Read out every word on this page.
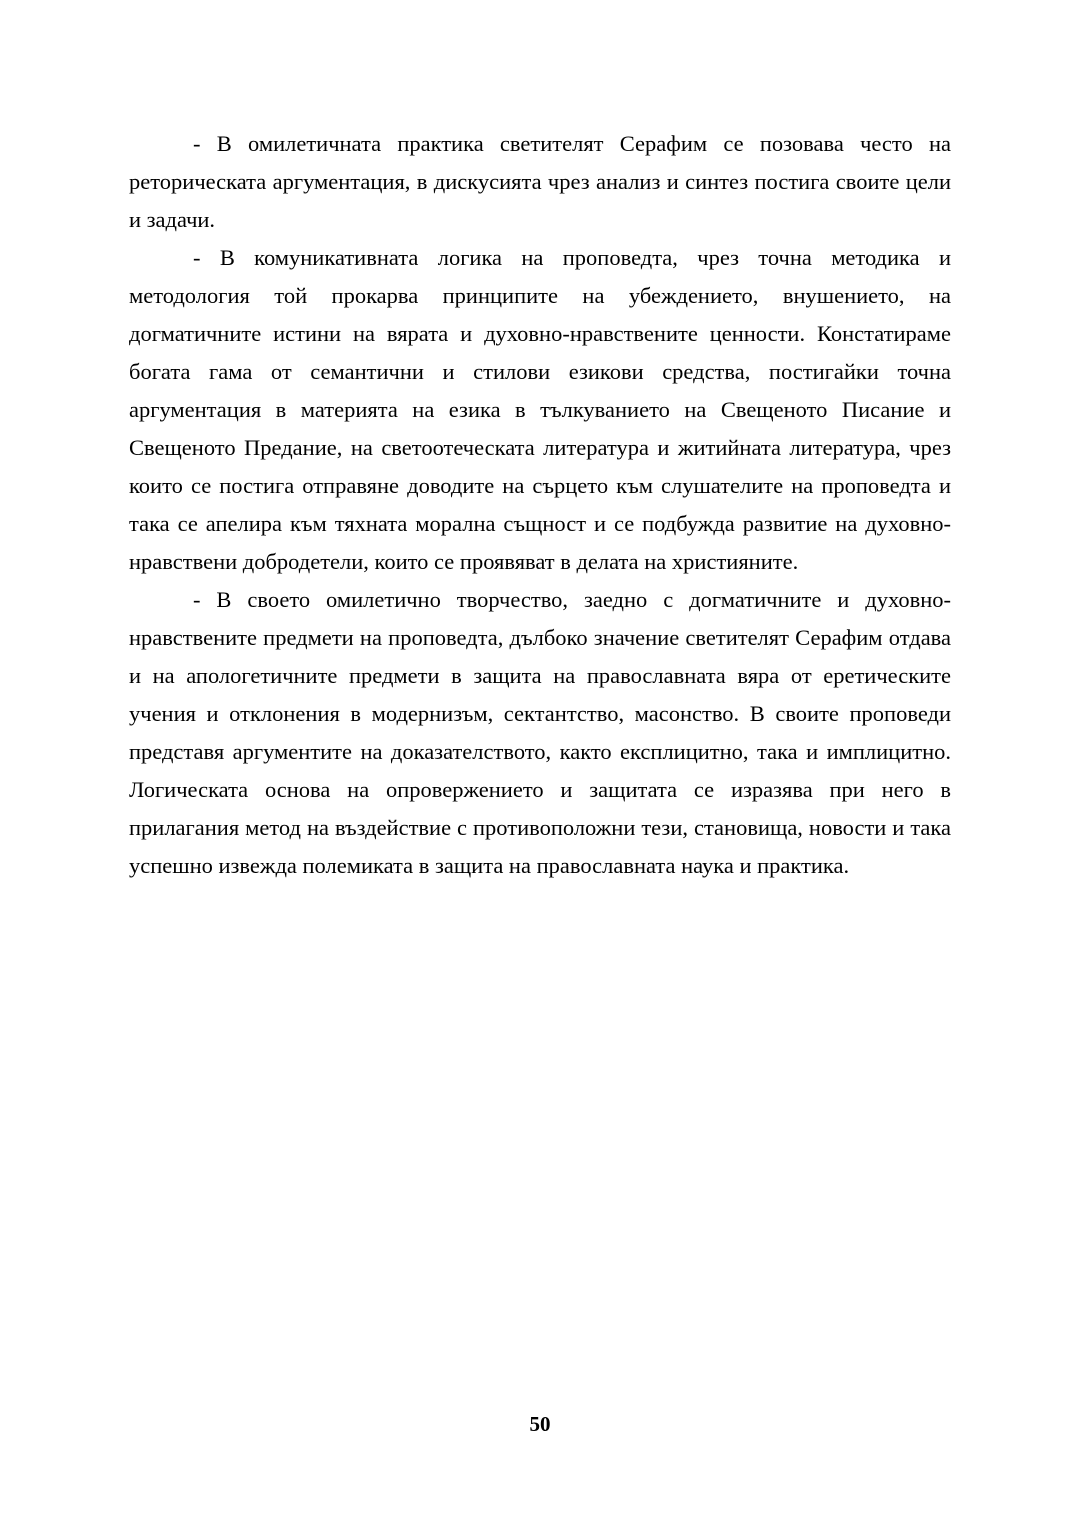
- В омилетичната практика светителят Серафим се позовава често на реторическата аргументация, в дискусията чрез анализ и синтез постига своите цели и задачи.

- В комуникативната логика на проповедта, чрез точна методика и методология той прокарва принципите на убеждението, внушението, на догматичните истини на вярата и духовно-нравствените ценности. Констатираме богата гама от семантични и стилови езикови средства, постигайки точна аргументация в материята на езика в тълкуванието на Свещеното Писание и Свещеното Предание, на светоотеческата литература и житийната литература, чрез които се постига отправяне доводите на сърцето към слушателите на проповедта и така се апелира към тяхната морална същност и се подбужда развитие на духовно-нравствени добродетели, които се проявяват в делата на християните.

- В своето омилетично творчество, заедно с догматичните и духовно-нравствените предмети на проповедта, дълбоко значение светителят Серафим отдава и на апологетичните предмети в защита на православната вяра от еретическите учения и отклонения в модернизъм, сектантство, масонство. В своите проповеди представя аргументите на доказателството, както експлицитно, така и имплицитно. Логическата основа на опровержението и защитата се изразява при него в прилагания метод на въздействие с противоположни тези, становища, новости и така успешно извежда полемиката в защита на православната наука и практика.

50
